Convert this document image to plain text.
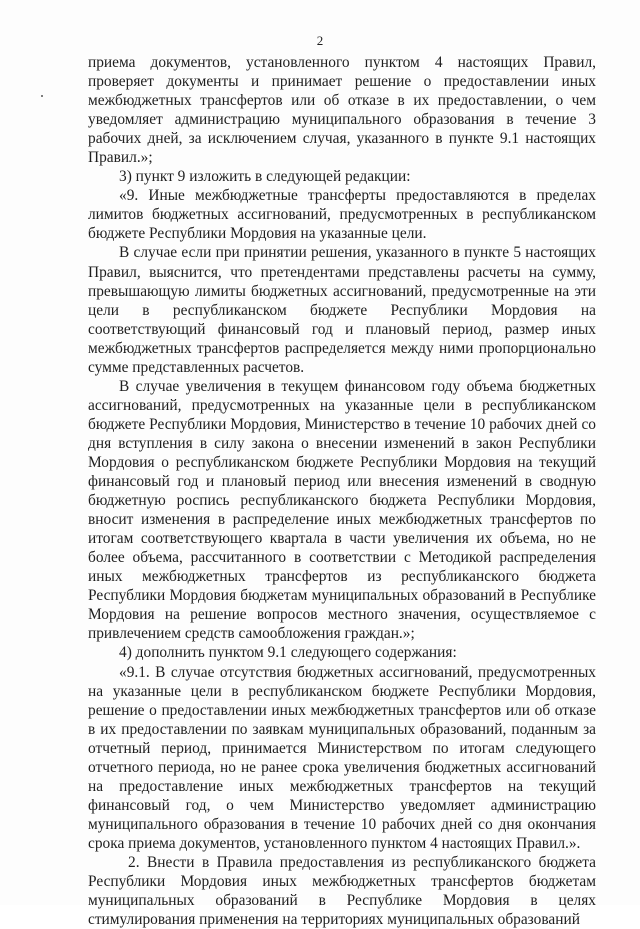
2

приема документов, установленного пунктом 4 настоящих Правил, проверяет документы и принимает решение о предоставлении иных межбюджетных трансфертов или об отказе в их предоставлении, о чем уведомляет администрацию муниципального образования в течение 3 рабочих дней, за исключением случая, указанного в пункте 9.1 настоящих Правил.»;

3) пункт 9 изложить в следующей редакции:

«9. Иные межбюджетные трансферты предоставляются в пределах лимитов бюджетных ассигнований, предусмотренных в республиканском бюджете Республики Мордовия на указанные цели.

В случае если при принятии решения, указанного в пункте 5 настоящих Правил, выяснится, что претендентами представлены расчеты на сумму, превышающую лимиты бюджетных ассигнований, предусмотренные на эти цели в республиканском бюджете Республики Мордовия на соответствующий финансовый год и плановый период, размер иных межбюджетных трансфертов распределяется между ними пропорционально сумме представленных расчетов.

В случае увеличения в текущем финансовом году объема бюджетных ассигнований, предусмотренных на указанные цели в республиканском бюджете Республики Мордовия, Министерство в течение 10 рабочих дней со дня вступления в силу закона о внесении изменений в закон Республики Мордовия о республиканском бюджете Республики Мордовия на текущий финансовый год и плановый период или внесения изменений в сводную бюджетную роспись республиканского бюджета Республики Мордовия, вносит изменения в распределение иных межбюджетных трансфертов по итогам соответствующего квартала в части увеличения их объема, но не более объема, рассчитанного в соответствии с Методикой распределения иных межбюджетных трансфертов из республиканского бюджета Республики Мордовия бюджетам муниципальных образований в Республике Мордовия на решение вопросов местного значения, осуществляемое с привлечением средств самообложения граждан.»;

4) дополнить пунктом 9.1 следующего содержания:

«9.1. В случае отсутствия бюджетных ассигнований, предусмотренных на указанные цели в республиканском бюджете Республики Мордовия, решение о предоставлении иных межбюджетных трансфертов или об отказе в их предоставлении по заявкам муниципальных образований, поданным за отчетный период, принимается Министерством по итогам следующего отчетного периода, но не ранее срока увеличения бюджетных ассигнований на предоставление иных межбюджетных трансфертов на текущий финансовый год, о чем Министерство уведомляет администрацию муниципального образования в течение 10 рабочих дней со дня окончания срока приема документов, установленного пунктом 4 настоящих Правил.».

2. Внести в Правила предоставления из республиканского бюджета Республики Мордовия иных межбюджетных трансфертов бюджетам муниципальных образований в Республике Мордовия в целях стимулирования применения на территориях муниципальных образований
